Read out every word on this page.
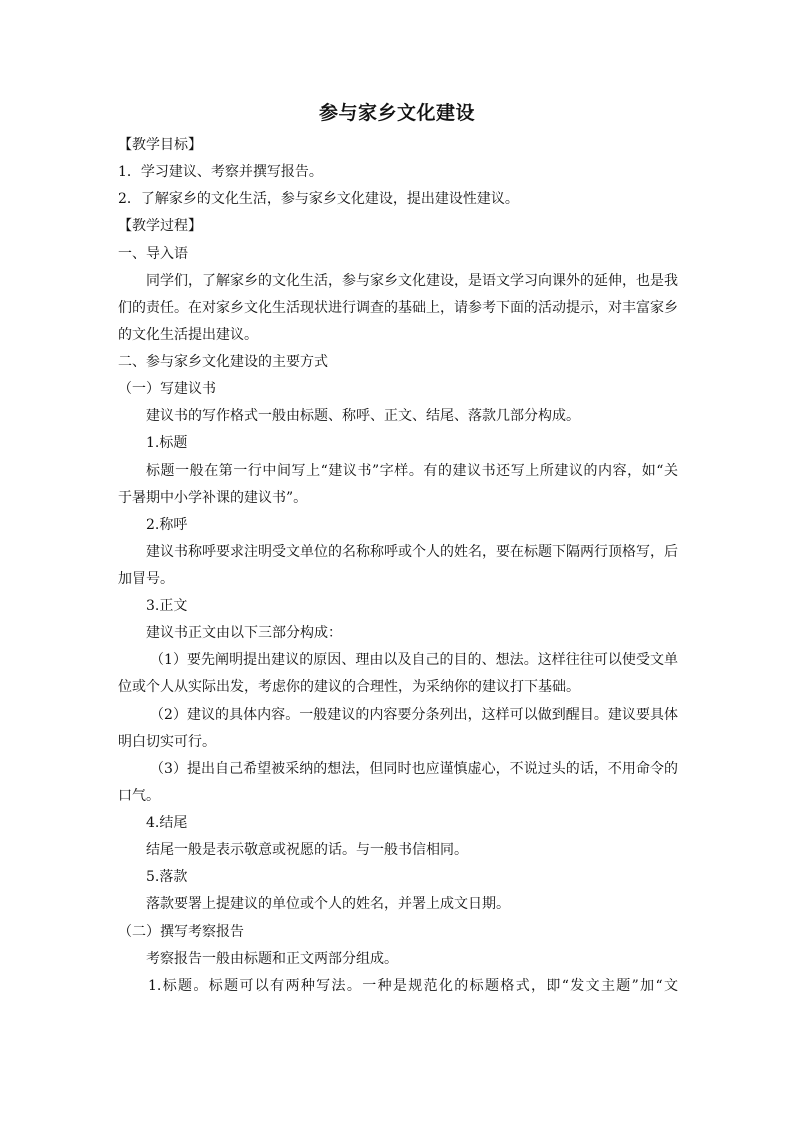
参与家乡文化建设
【教学目标】
1．学习建议、考察并撰写报告。
2．了解家乡的文化生活，参与家乡文化建设，提出建设性建议。
【教学过程】
一、导入语
同学们，了解家乡的文化生活，参与家乡文化建设，是语文学习向课外的延伸，也是我
们的责任。在对家乡文化生活现状进行调查的基础上，请参考下面的活动提示，对丰富家乡
的文化生活提出建议。
二、参与家乡文化建设的主要方式
（一）写建议书
建议书的写作格式一般由标题、称呼、正文、结尾、落款几部分构成。
1.标题
标题一般在第一行中间写上“建议书”字样。有的建议书还写上所建议的内容，如“关
于暑期中小学补课的建议书”。
2.称呼
建议书称呼要求注明受文单位的名称称呼或个人的姓名，要在标题下隔两行顶格写，后
加冒号。
3.正文
建议书正文由以下三部分构成：
（1）要先阐明提出建议的原因、理由以及自己的目的、想法。这样往往可以使受文单
位或个人从实际出发，考虑你的建议的合理性，为采纳你的建议打下基础。
（2）建议的具体内容。一般建议的内容要分条列出，这样可以做到醒目。建议要具体
明白切实可行。
（3）提出自己希望被采纳的想法，但同时也应谨慎虚心，不说过头的话，不用命令的
口气。
4.结尾
结尾一般是表示敬意或祝愿的话。与一般书信相同。
5.落款
落款要署上提建议的单位或个人的姓名，并署上成文日期。
（二）撰写考察报告
考察报告一般由标题和正文两部分组成。
1.标题。标题可以有两种写法。一种是规范化的标题格式，即“发文主题”加“文
